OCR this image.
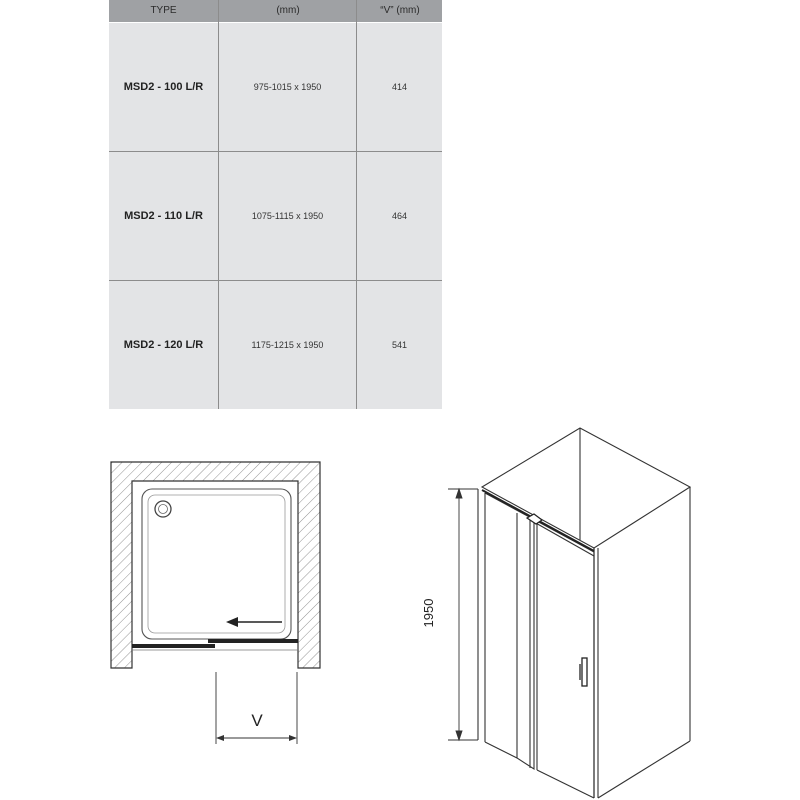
TYPE	(mm)	“V” (mm)
MSD2 - 100 L/R	975-1015 x 1950	414
MSD2 - 110 L/R	1075-1115 x 1950	464
MSD2 - 120 L/R	1175-1215 x 1950	541
V
1950
